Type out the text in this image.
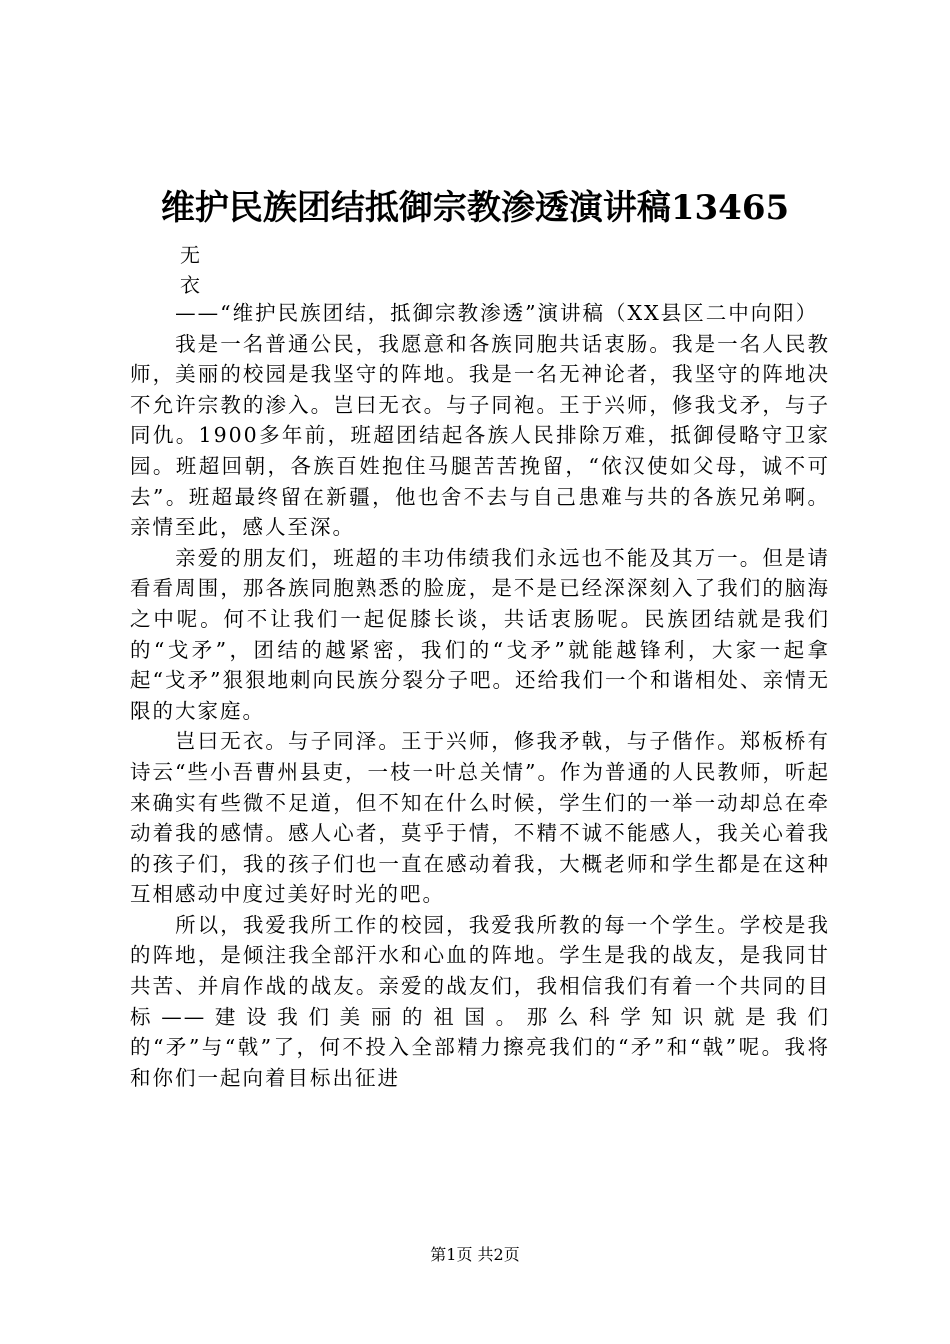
维护民族团结抵御宗教渗透演讲稿13465
无
衣

——“维护民族团结，抵御宗教渗透”演讲稿（XX县区二中向阳）

我是一名普通公民，我愿意和各族同胞共话衷肠。我是一名人民教师，美丽的校园是我坚守的阵地。我是一名无神论者，我坚守的阵地决不允许宗教的渗入。岂曰无衣。与子同袍。王于兴师，修我戈矛，与子同仇。1900多年前，班超团结起各族人民排除万难，抵御侵略守卫家园。班超回朝，各族百姓抱住马腿苦苦挽留，“依汉使如父母，诚不可去”。班超最终留在新疆，他也舍不去与自己患难与共的各族兄弟啊。亲情至此，感人至深。

亲爱的朋友们，班超的丰功伟绩我们永远也不能及其万一。但是请看看周围，那各族同胞熟悉的脸庞，是不是已经深深刻入了我们的脑海之中呢。何不让我们一起促膝长谈，共话衷肠呢。民族团结就是我们的“戈矛”，团结的越紧密，我们的“戈矛”就能越锋利，大家一起拿起“戈矛”狠狠地刺向民族分裂分子吧。还给我们一个和谐相处、亲情无限的大家庭。

岂曰无衣。与子同泽。王于兴师，修我矛戟，与子偕作。郑板桥有诗云“些小吾曹州县吏，一枝一叶总关情”。作为普通的人民教师，听起来确实有些微不足道，但不知在什么时候，学生们的一举一动却总在牵动着我的感情。感人心者，莫乎于情，不精不诚不能感人，我关心着我的孩子们，我的孩子们也一直在感动着我，大概老师和学生都是在这种互相感动中度过美好时光的吧。

所以，我爱我所工作的校园，我爱我所教的每一个学生。学校是我的阵地，是倾注我全部汗水和心血的阵地。学生是我的战友，是我同甘共苦、并肩作战的战友。亲爱的战友们，我相信我们有着一个共同的目标——建设我们美丽的祖国。那么科学知识就是我们的“矛”与“戟”了，何不投入全部精力擦亮我们的“矛”和“戟”呢。我将和你们一起向着目标出征进

第1页 共2页
